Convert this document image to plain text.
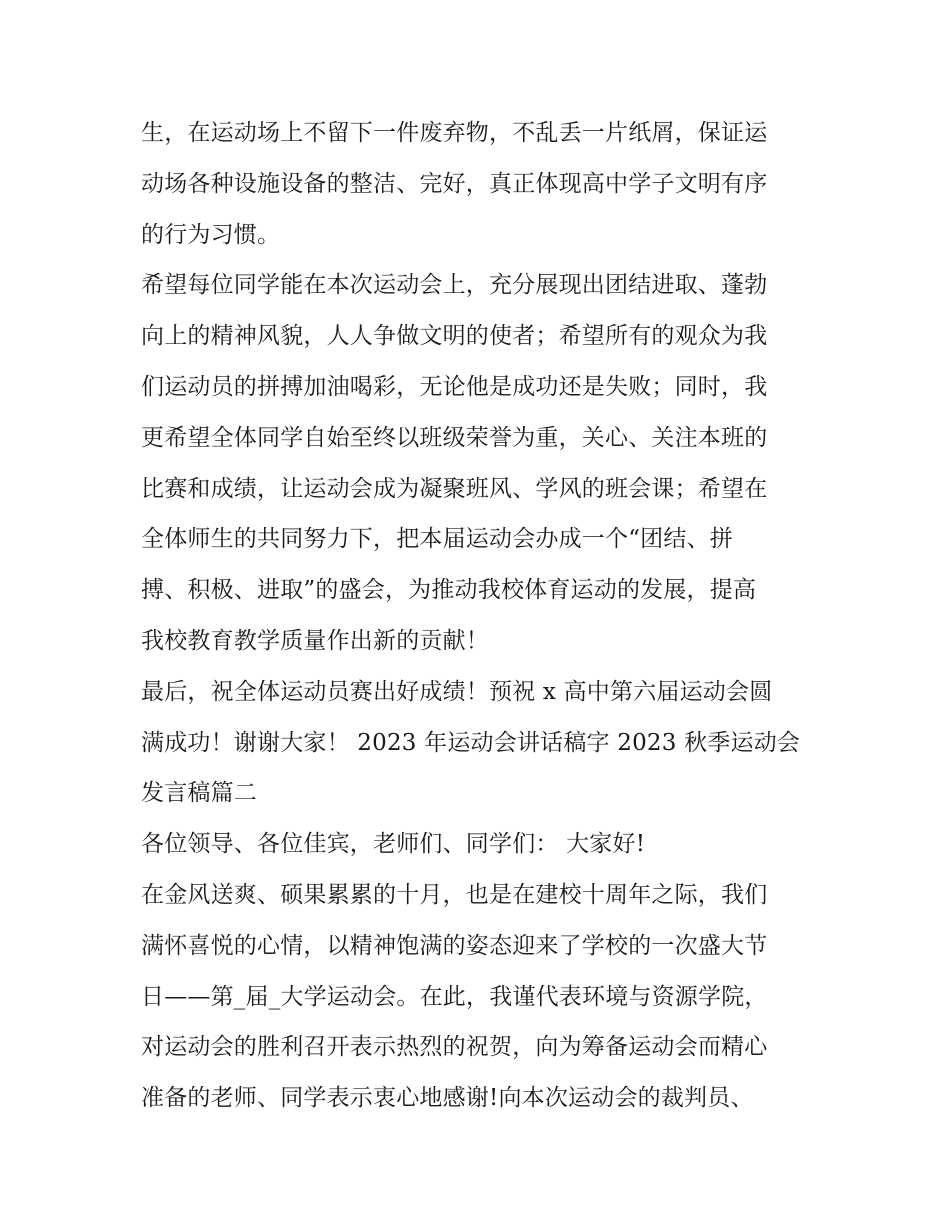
生，在运动场上不留下一件废弃物，不乱丢一片纸屑，保证运
动场各种设施设备的整洁、完好，真正体现高中学子文明有序
的行为习惯。
希望每位同学能在本次运动会上，充分展现出团结进取、蓬勃
向上的精神风貌，人人争做文明的使者；希望所有的观众为我
们运动员的拼搏加油喝彩，无论他是成功还是失败；同时，我
更希望全体同学自始至终以班级荣誉为重，关心、关注本班的
比赛和成绩，让运动会成为凝聚班风、学风的班会课；希望在
全体师生的共同努力下，把本届运动会办成一个“团结、拼
搏、积极、进取”的盛会，为推动我校体育运动的发展，提高
我校教育教学质量作出新的贡献！
最后，祝全体运动员赛出好成绩！预祝 x 高中第六届运动会圆
满成功！谢谢大家！ 2023 年运动会讲话稿字 2023 秋季运动会
发言稿篇二
各位领导、各位佳宾，老师们、同学们： 大家好!
在金风送爽、硕果累累的十月，也是在建校十周年之际，我们
满怀喜悦的心情，以精神饱满的姿态迎来了学校的一次盛大节
日——第_届_大学运动会。在此，我谨代表环境与资源学院，
对运动会的胜利召开表示热烈的祝贺，向为筹备运动会而精心
准备的老师、同学表示衷心地感谢!向本次运动会的裁判员、
